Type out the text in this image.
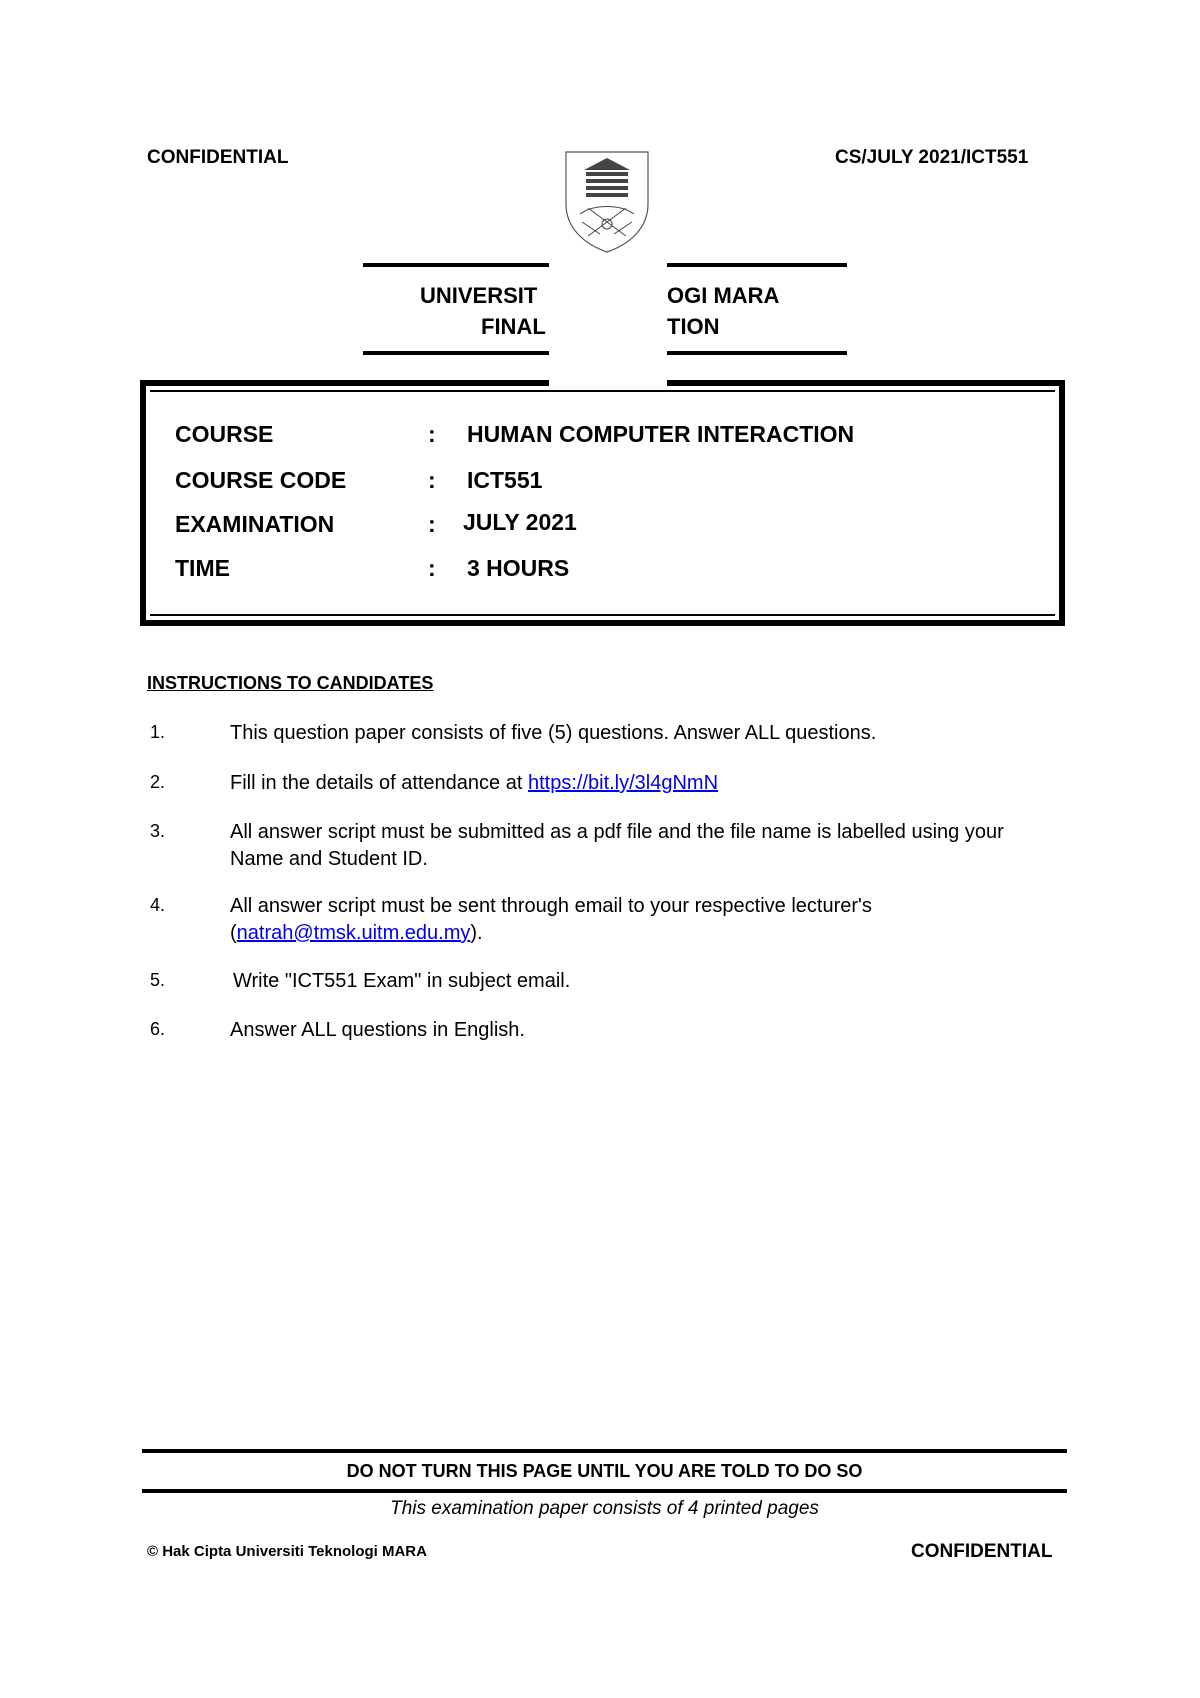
CONFIDENTIAL	CS/JULY 2021/ICT551
UNIVERSIT	OGI MARA
FINAL	TION
COURSE	: HUMAN COMPUTER INTERACTION
COURSE CODE	: ICT551
EXAMINATION	: JULY 2021
TIME	: 3 HOURS
INSTRUCTIONS TO CANDIDATES
1.	This question paper consists of five (5) questions. Answer ALL questions.
2.	Fill in the details of attendance at https://bit.ly/3l4gNmN
3.	All answer script must be submitted as a pdf file and the file name is labelled using your Name and Student ID.
4.	All answer script must be sent through email to your respective lecturer's (natrah@tmsk.uitm.edu.my).
5.	Write "ICT551 Exam" in subject email.
6.	Answer ALL questions in English.
DO NOT TURN THIS PAGE UNTIL YOU ARE TOLD TO DO SO
This examination paper consists of 4 printed pages
© Hak Cipta Universiti Teknologi MARA	CONFIDENTIAL
